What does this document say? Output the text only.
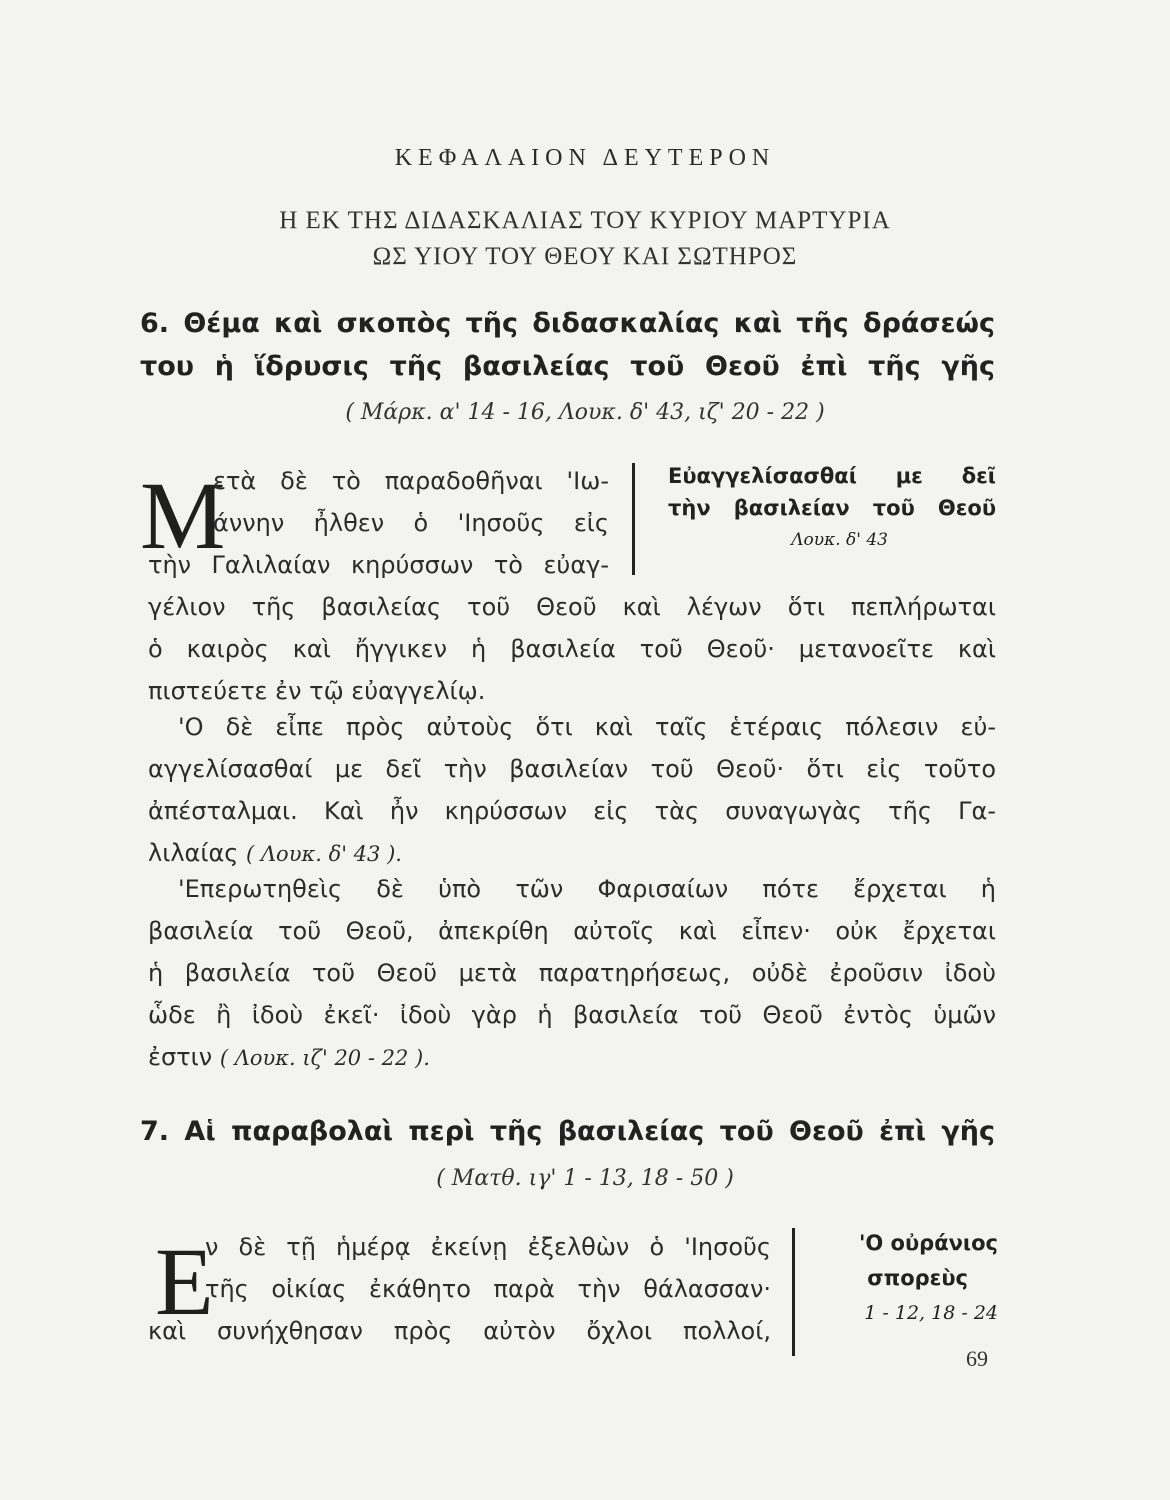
ΚΕΦΑΛΑΙΟΝ ΔΕΥΤΕΡΟΝ
Η ΕΚ ΤΗΣ ΔΙΔΑΣΚΑΛΙΑΣ ΤΟΥ ΚΥΡΙΟΥ ΜΑΡΤΥΡΙΑ
ΩΣ ΥΙΟΥ ΤΟΥ ΘΕΟΥ ΚΑΙ ΣΩΤΗΡΟΣ
6. Θέμα καὶ σκοπὸς τῆς διδασκαλίας καὶ τῆς δράσεώς
του ἡ ἵδρυσις τῆς βασιλείας τοῦ Θεοῦ ἐπὶ τῆς γῆς
( Μάρκ. α' 14 - 16, Λουκ. δ' 43, ιζ' 20 - 22 )
Μ
ετὰ δὲ τὸ παραδοθῆναι 'Ιω-
άννην ἦλθεν ὁ 'Ιησοῦς εἰς
τὴν Γαλιλαίαν κηρύσσων τὸ εὐαγ-
Εὐαγγελίσασθαί με δεῖ
τὴν βασιλείαν τοῦ Θεοῦ
Λουκ. δ' 43
γέλιον τῆς βασιλείας τοῦ Θεοῦ καὶ λέγων ὅτι πεπλήρωται
ὁ καιρὸς καὶ ἤγγικεν ἡ βασιλεία τοῦ Θεοῦ· μετανοεῖτε καὶ
πιστεύετε ἐν τῷ εὐαγγελίῳ.
'Ο δὲ εἶπε πρὸς αὐτοὺς ὅτι καὶ ταῖς ἑτέραις πόλεσιν εὐ-
αγγελίσασθαί με δεῖ τὴν βασιλείαν τοῦ Θεοῦ· ὅτι εἰς τοῦτο
ἀπέσταλμαι. Καὶ ἦν κηρύσσων εἰς τὰς συναγωγὰς τῆς Γα-
λιλαίας ( Λουκ. δ' 43 ).
'Επερωτηθεὶς δὲ ὑπὸ τῶν Φαρισαίων πότε ἔρχεται ἡ
βασιλεία τοῦ Θεοῦ, ἀπεκρίθη αὐτοῖς καὶ εἶπεν· οὐκ ἔρχεται
ἡ βασιλεία τοῦ Θεοῦ μετὰ παρατηρήσεως, οὐδὲ ἐροῦσιν ἰδοὺ
ὧδε ἢ ἰδοὺ ἐκεῖ· ἰδοὺ γὰρ ἡ βασιλεία τοῦ Θεοῦ ἐντὸς ὑμῶν
ἐστιν ( Λουκ. ιζ' 20 - 22 ).
7. Αἱ παραβολαὶ περὶ τῆς βασιλείας τοῦ Θεοῦ ἐπὶ γῆς
( Ματθ. ιγ' 1 - 13, 18 - 50 )
Ε
ν δὲ τῇ ἡμέρᾳ ἐκείνῃ ἐξελθὼν ὁ 'Ιησοῦς
τῆς οἰκίας ἐκάθητο παρὰ τὴν θάλασσαν·
καὶ συνήχθησαν πρὸς αὐτὸν ὄχλοι πολλοί,
'Ο οὐράνιος
σπορεὺς
1 - 12, 18 - 24
69
